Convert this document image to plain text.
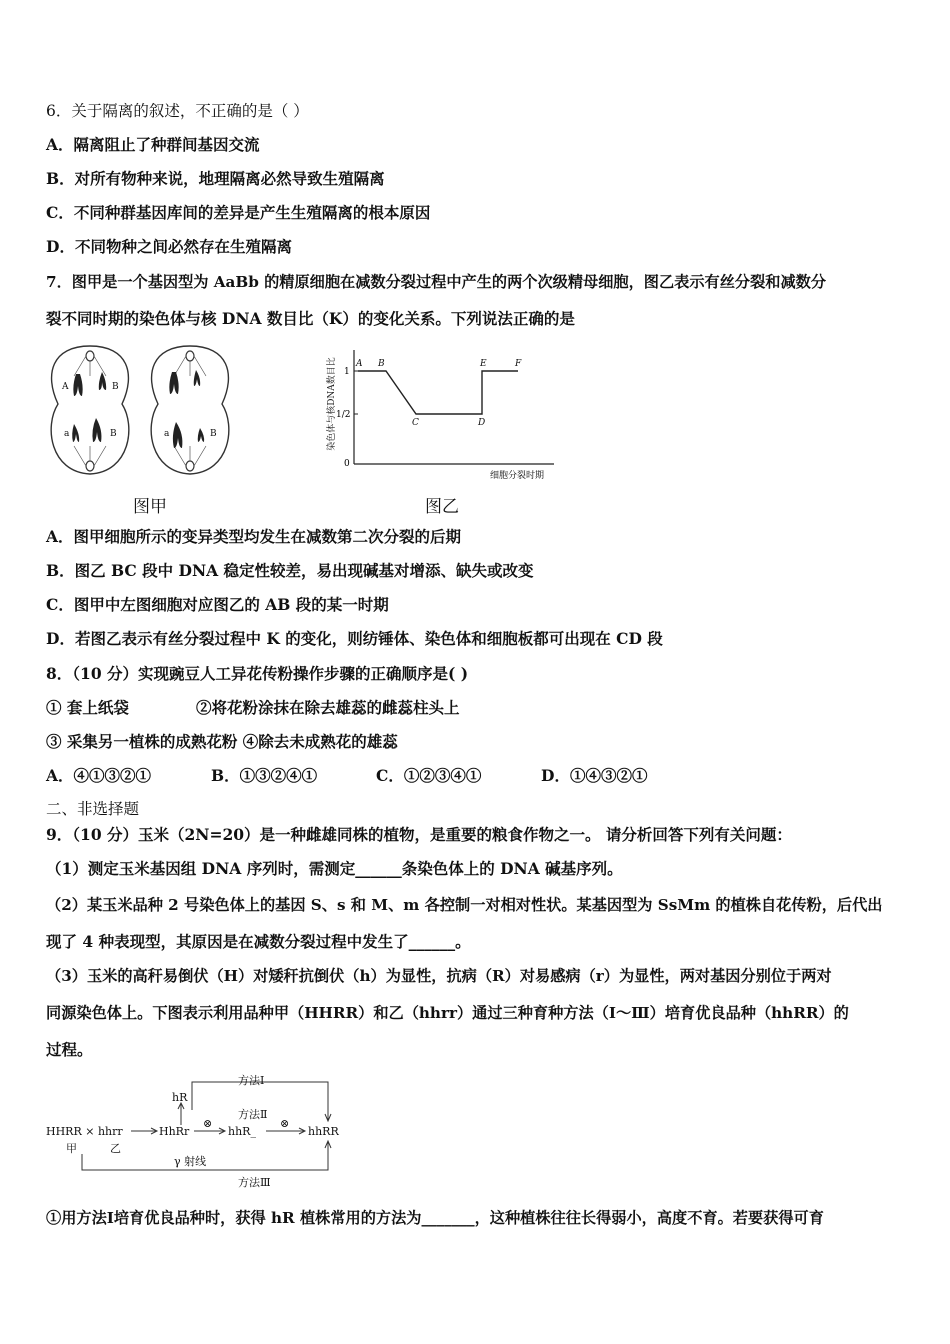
6．关于隔离的叙述，不正确的是（ ）
A．隔离阻止了种群间基因交流
B．对所有物种来说，地理隔离必然导致生殖隔离
C．不同种群基因库间的差异是产生生殖隔离的根本原因
D．不同物种之间必然存在生殖隔离
7．图甲是一个基因型为 AaBb 的精原细胞在减数分裂过程中产生的两个次级精母细胞，图乙表示有丝分裂和减数分
裂不同时期的染色体与核 DNA 数目比（K）的变化关系。下列说法正确的是
A	B
a	B	a	B
图甲
染色体与核DNA数目比 1
1/2
0
A B
C	D
E	F
细胞分裂时期
图乙
A．图甲细胞所示的变异类型均发生在减数第二次分裂的后期
B．图乙 BC 段中 DNA 稳定性较差，易出现碱基对增添、缺失或改变
C．图甲中左图细胞对应图乙的 AB 段的某一时期
D．若图乙表示有丝分裂过程中 K 的变化，则纺锤体、染色体和细胞板都可出现在 CD 段
8．（10 分）实现豌豆人工异花传粉操作步骤的正确顺序是( )
① 套上纸袋	②将花粉涂抹在除去雄蕊的雌蕊柱头上
③ 采集另一植株的成熟花粉 ④除去未成熟花的雄蕊
A．④①③②①	B．①③②④①	C．①②③④①	D．①④③②①
二、非选择题
9．（10 分）玉米（2N=20）是一种雌雄同株的植物，是重要的粮食作物之一。 请分析回答下列有关问题：
（1）测定玉米基因组 DNA 序列时，需测定______条染色体上的 DNA 碱基序列。
（2）某玉米品种 2 号染色体上的基因 S、s 和 M、m 各控制一对相对性状。某基因型为 SsMm 的植株自花传粉，后代出
现了 4 种表现型，其原因是在减数分裂过程中发生了______。
（3）玉米的高秆易倒伏（H）对矮秆抗倒伏（h）为显性，抗病（R）对易感病（r）为显性，两对基因分别位于两对
同源染色体上。下图表示利用品种甲（HHRR）和乙（hhrr）通过三种育种方法（Ⅰ～Ⅲ）培育优良品种（hhRR）的
过程。
方法Ⅰ
方法Ⅱ
方法Ⅲ
HHRR × hhrr
甲	乙
HhRr
hR
⊗
hhR_
⊗
hhRR
γ 射线
①用方法Ⅰ培育优良品种时，获得 hR 植株常用的方法为_______，这种植株往往长得弱小，高度不育。若要获得可育
